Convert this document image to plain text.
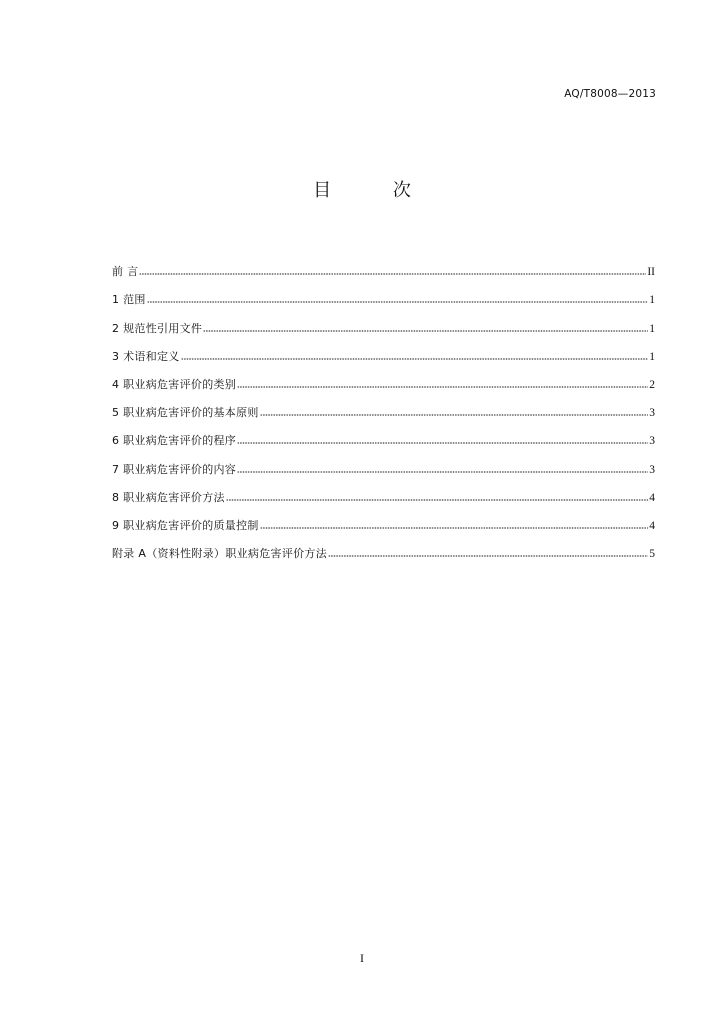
AQ/T8008—2013
目 次
前 言	II
1 范围	1
2 规范性引用文件	1
3 术语和定义	1
4 职业病危害评价的类别	2
5 职业病危害评价的基本原则	3
6 职业病危害评价的程序	3
7 职业病危害评价的内容	3
8 职业病危害评价方法	4
9 职业病危害评价的质量控制	4
附录 A（资料性附录）职业病危害评价方法	5
I
